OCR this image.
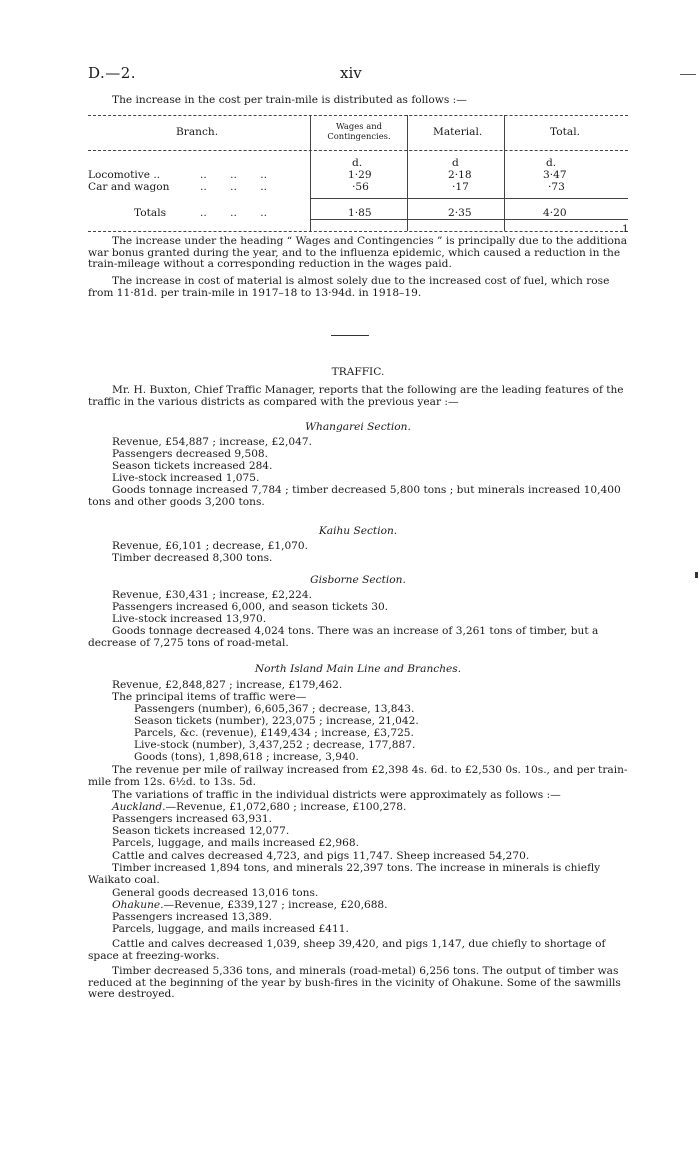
D.—2.	xiv
The increase in the cost per train-mile is distributed as follows :—
Branch.	Wages and Contingencies.	Material.	Total.
d.	d	d.
Locomotive ..	.. .. ..	1·29	2·18	3·47
Car and wagon	.. .. ..	·56	·17	·73
Totals	.. .. ..	1·85	2·35	4·20
1
The increase under the heading “ Wages and Contingencies ” is principally due to the additiona war bonus granted during the year, and to the influenza epidemic, which caused a reduction in the train-mileage without a corresponding reduction in the wages paid.
The increase in cost of material is almost solely due to the increased cost of fuel, which rose from 11·81d. per train-mile in 1917–18 to 13·94d. in 1918–19.
TRAFFIC.
Mr. H. Buxton, Chief Traffic Manager, reports that the following are the leading features of the traffic in the various districts as compared with the previous year :—
Whangarei Section.
Revenue, £54,887 ; increase, £2,047.
Passengers decreased 9,508.
Season tickets increased 284.
Live-stock increased 1,075.
Goods tonnage increased 7,784 ; timber decreased 5,800 tons ; but minerals increased 10,400 tons and other goods 3,200 tons.
Kaihu Section.
Revenue, £6,101 ; decrease, £1,070.
Timber decreased 8,300 tons.
Gisborne Section.
Revenue, £30,431 ; increase, £2,224.
Passengers increased 6,000, and season tickets 30.
Live-stock increased 13,970.
Goods tonnage decreased 4,024 tons. There was an increase of 3,261 tons of timber, but a decrease of 7,275 tons of road-metal.
North Island Main Line and Branches.
Revenue, £2,848,827 ; increase, £179,462.
The principal items of traffic were—
Passengers (number), 6,605,367 ; decrease, 13,843.
Season tickets (number), 223,075 ; increase, 21,042.
Parcels, &c. (revenue), £149,434 ; increase, £3,725.
Live-stock (number), 3,437,252 ; decrease, 177,887.
Goods (tons), 1,898,618 ; increase, 3,940.
The revenue per mile of railway increased from £2,398 4s. 6d. to £2,530 0s. 10s., and per train-mile from 12s. 6½d. to 13s. 5d.
The variations of traffic in the individual districts were approximately as follows :—
Auckland.—Revenue, £1,072,680 ; increase, £100,278.
Passengers increased 63,931.
Season tickets increased 12,077.
Parcels, luggage, and mails increased £2,968.
Cattle and calves decreased 4,723, and pigs 11,747. Sheep increased 54,270.
Timber increased 1,894 tons, and minerals 22,397 tons. The increase in minerals is chiefly Waikato coal.
General goods decreased 13,016 tons.
Ohakune.—Revenue, £339,127 ; increase, £20,688.
Passengers increased 13,389.
Parcels, luggage, and mails increased £411.
Cattle and calves decreased 1,039, sheep 39,420, and pigs 1,147, due chiefly to shortage of space at freezing-works.
Timber decreased 5,336 tons, and minerals (road-metal) 6,256 tons. The output of timber was reduced at the beginning of the year by bush-fires in the vicinity of Ohakune. Some of the sawmills were destroyed.
